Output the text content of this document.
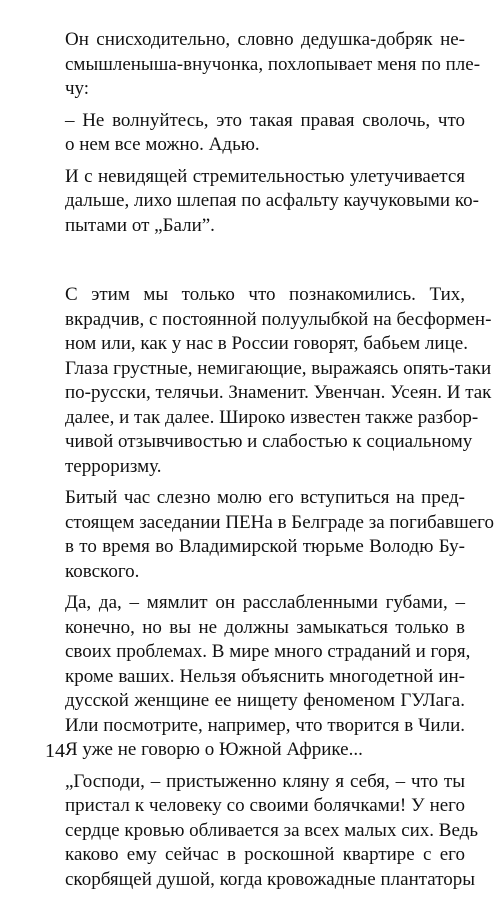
Он снисходительно, словно дедушка-добряк не-
смышленыша-внучонка, похлопывает меня по пле-
чу:

– Не волнуйтесь, это такая правая сволочь, что
о нем все можно. Адью.

И с невидящей стремительностью улетучивается
дальше, лихо шлепая по асфальту каучуковыми ко-
пытами от „Бали”.

С этим мы только что познакомились. Тих,
вкрадчив, с постоянной полуулыбкой на бесформен-
ном или, как у нас в России говорят, бабьем лице.
Глаза грустные, немигающие, выражаясь опять-таки
по-русски, телячьи. Знаменит. Увенчан. Усеян. И так
далее, и так далее. Широко известен также разбор-
чивой отзывчивостью и слабостью к социальному
терроризму.

Битый час слезно молю его вступиться на пред-
стоящем заседании ПЕНа в Белграде за погибавшего
в то время во Владимирской тюрьме Володю Бу-
ковского.

Да, да, – мямлит он расслабленными губами, –
конечно, но вы не должны замыкаться только в
своих проблемах. В мире много страданий и горя,
кроме ваших. Нельзя объяснить многодетной ин-
дусской женщине ее нищету феноменом ГУЛага.
Или посмотрите, например, что творится в Чили.
Я уже не говорю о Южной Африке...

„Господи, – пристыженно кляну я себя, – что ты
пристал к человеку со своими болячками! У него
сердце кровью обливается за всех малых сих. Ведь
каково ему сейчас в роскошной квартире с его
скорбящей душой, когда кровожадные плантаторы

14
